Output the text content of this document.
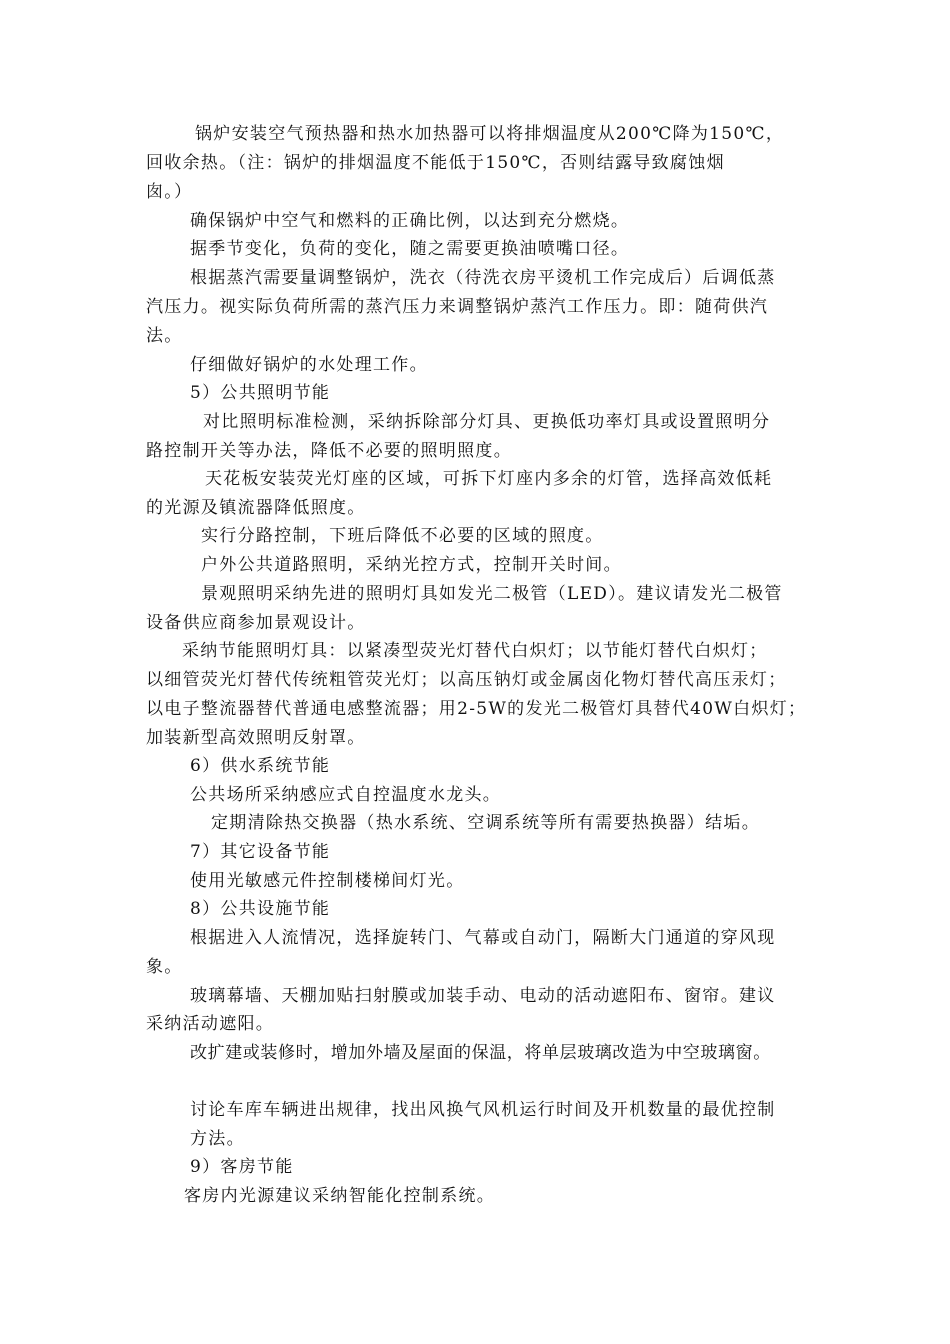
锅炉安装空气预热器和热水加热器可以将排烟温度从200℃降为150℃，
回收余热。（注：锅炉的排烟温度不能低于150℃，否则结露导致腐蚀烟
囱。）
确保锅炉中空气和燃料的正确比例，以达到充分燃烧。
据季节变化，负荷的变化，随之需要更换油喷嘴口径。
根据蒸汽需要量调整锅炉，洗衣（待洗衣房平烫机工作完成后）后调低蒸
汽压力。视实际负荷所需的蒸汽压力来调整锅炉蒸汽工作压力。即：随荷供汽
法。
仔细做好锅炉的水处理工作。
5）公共照明节能
对比照明标准检测，采纳拆除部分灯具、更换低功率灯具或设置照明分
路控制开关等办法，降低不必要的照明照度。
天花板安装荧光灯座的区域，可拆下灯座内多余的灯管，选择高效低耗
的光源及镇流器降低照度。
实行分路控制，下班后降低不必要的区域的照度。
户外公共道路照明，采纳光控方式，控制开关时间。
景观照明采纳先进的照明灯具如发光二极管（LED）。建议请发光二极管
设备供应商参加景观设计。
采纳节能照明灯具：以紧凑型荧光灯替代白炽灯；以节能灯替代白炽灯；
以细管荧光灯替代传统粗管荧光灯；以高压钠灯或金属卤化物灯替代高压汞灯；
以电子整流器替代普通电感整流器；用2-5W的发光二极管灯具替代40W白炽灯；
加装新型高效照明反射罩。
6）供水系统节能
公共场所采纳感应式自控温度水龙头。
定期清除热交换器（热水系统、空调系统等所有需要热换器）结垢。
7）其它设备节能
使用光敏感元件控制楼梯间灯光。
8）公共设施节能
根据进入人流情况，选择旋转门、气幕或自动门，隔断大门通道的穿风现
象。
玻璃幕墙、天棚加贴扫射膜或加装手动、电动的活动遮阳布、窗帘。建议
采纳活动遮阳。
改扩建或装修时，增加外墙及屋面的保温，将单层玻璃改造为中空玻璃窗。
讨论车库车辆进出规律，找出风换气风机运行时间及开机数量的最优控制
方法。
9）客房节能
客房内光源建议采纳智能化控制系统。
